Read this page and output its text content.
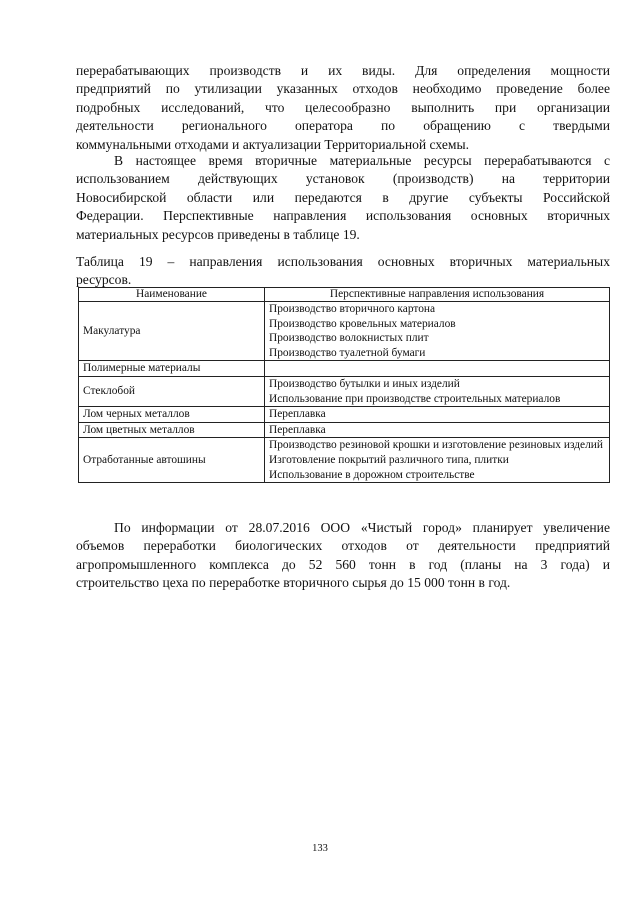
перерабатывающих производств и их виды. Для определения мощности
предприятий по утилизации указанных отходов необходимо проведение более
подробных исследований, что целесообразно выполнить при организации
деятельности регионального оператора по обращению с твердыми
коммунальными отходами и актуализации Территориальной схемы.

В настоящее время вторичные материальные ресурсы перерабатываются с
использованием действующих установок (производств) на территории
Новосибирской области или передаются в другие субъекты Российской
Федерации. Перспективные направления использования основных вторичных
материальных ресурсов приведены в таблице 19.

Таблица 19 – направления использования основных вторичных материальных
ресурсов.

Наименование	Перспективные направления использования
Макулатура	Производство вторичного картона
Производство кровельных материалов
Производство волокнистых плит
Производство туалетной бумаги

Полимерные материалы	

Стеклобой	Производство бутылки и иных изделий
Использование при производстве строительных материалов

Лом черных металлов	Переплавка

Лом цветных металлов	Переплавка

Отработанные автошины	Производство резиновой крошки и изготовление резиновых изделий
Изготовление покрытий различного типа, плитки
Использование в дорожном строительстве

По информации от 28.07.2016 ООО «Чистый город» планирует увеличение
объемов переработки биологических отходов от деятельности предприятий
агропромышленного комплекса до 52 560 тонн в год (планы на 3 года) и
строительство цеха по переработке вторичного сырья до 15 000 тонн в год.

133
